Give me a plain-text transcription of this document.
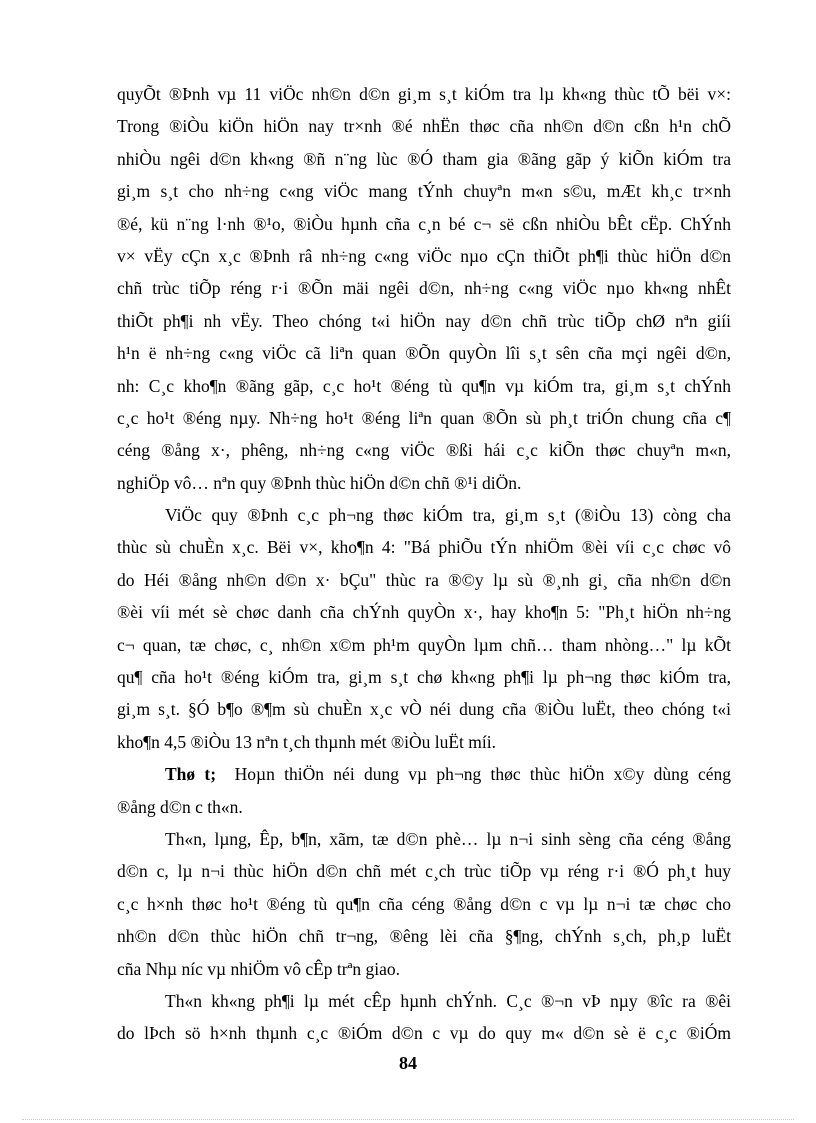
quyÕt ®Þnh vµ 11 viÖc nh©n d©n gi¸m s¸t kiÓm tra lµ kh«ng thùc tÕ bëi v×:
Trong ®iÒu kiÖn hiÖn nay tr×nh ®é nhËn thøc cña nh©n d©n cßn h¹n chÕ
nhiÒu ngêi d©n kh«ng ®ñ n¨ng lùc ®Ó tham gia ®ãng gãp ý kiÕn kiÓm tra
gi¸m s¸t cho nh÷ng c«ng viÖc mang tÝnh chuyªn m«n s©u, mÆt kh¸c tr×nh
®é, kü n¨ng l·nh ®¹o, ®iÒu hµnh cña c¸n bé c¬ së cßn nhiÒu bÊt cËp. ChÝnh
v× vËy cÇn x¸c ®Þnh râ nh÷ng c«ng viÖc nµo cÇn thiÕt ph¶i thùc hiÖn d©n
chñ trùc tiÕp réng r·i ®Õn mäi ngêi d©n, nh÷ng c«ng viÖc nµo kh«ng nhÊt
thiÕt ph¶i nh vËy. Theo chóng t«i hiÖn nay d©n chñ trùc tiÕp chØ nªn giíi
h¹n ë nh÷ng c«ng viÖc cã liªn quan ®Õn quyÒn lîi s¸t sên cña mçi ngêi d©n,
nh: C¸c kho¶n ®ãng gãp, c¸c ho¹t ®éng tù qu¶n vµ kiÓm tra, gi¸m s¸t chÝnh
c¸c ho¹t ®éng nµy. Nh÷ng ho¹t ®éng liªn quan ®Õn sù ph¸t triÓn chung cña c¶
céng ®ång x·, phêng, nh÷ng c«ng viÖc ®ßi hái c¸c kiÕn thøc chuyªn m«n,
nghiÖp vô… nªn quy ®Þnh thùc hiÖn d©n chñ ®¹i diÖn.
ViÖc quy ®Þnh c¸c ph¬ng thøc kiÓm tra, gi¸m s¸t (®iÒu 13) còng cha
thùc sù chuÈn x¸c. Bëi v×, kho¶n 4: "Bá phiÕu tÝn nhiÖm ®èi víi c¸c chøc vô
do Héi ®ång nh©n d©n x· bÇu" thùc ra ®©y lµ sù ®¸nh gi¸ cña nh©n d©n
®èi víi mét sè chøc danh cña chÝnh quyÒn x·, hay kho¶n 5: "Ph¸t hiÖn nh÷ng
c¬ quan, tæ chøc, c¸ nh©n x©m ph¹m quyÒn lµm chñ… tham nhòng…" lµ kÕt
qu¶ cña ho¹t ®éng kiÓm tra, gi¸m s¸t chø kh«ng ph¶i lµ ph¬ng thøc kiÓm tra,
gi¸m s¸t. §Ó b¶o ®¶m sù chuÈn x¸c vÒ néi dung cña ®iÒu luËt, theo chóng t«i
kho¶n 4,5 ®iÒu 13 nªn t¸ch thµnh mét ®iÒu luËt míi.
Thø t; Hoµn thiÖn néi dung vµ ph¬ng thøc thùc hiÖn x©y dùng céng
®ång d©n c th«n.
Th«n, lµng, Êp, b¶n, xãm, tæ d©n phè… lµ n¬i sinh sèng cña céng ®ång
d©n c, lµ n¬i thùc hiÖn d©n chñ mét c¸ch trùc tiÕp vµ réng r·i ®Ó ph¸t huy
c¸c h×nh thøc ho¹t ®éng tù qu¶n cña céng ®ång d©n c vµ lµ n¬i tæ chøc cho
nh©n d©n thùc hiÖn chñ tr¬ng, ®êng lèi cña §¶ng, chÝnh s¸ch, ph¸p luËt
cña Nhµ níc vµ nhiÖm vô cÊp trªn giao.
Th«n kh«ng ph¶i lµ mét cÊp hµnh chÝnh. C¸c ®¬n vÞ nµy ®îc ra ®êi
do lÞch sö h×nh thµnh c¸c ®iÓm d©n c vµ do quy m« d©n sè ë c¸c ®iÓm
84
